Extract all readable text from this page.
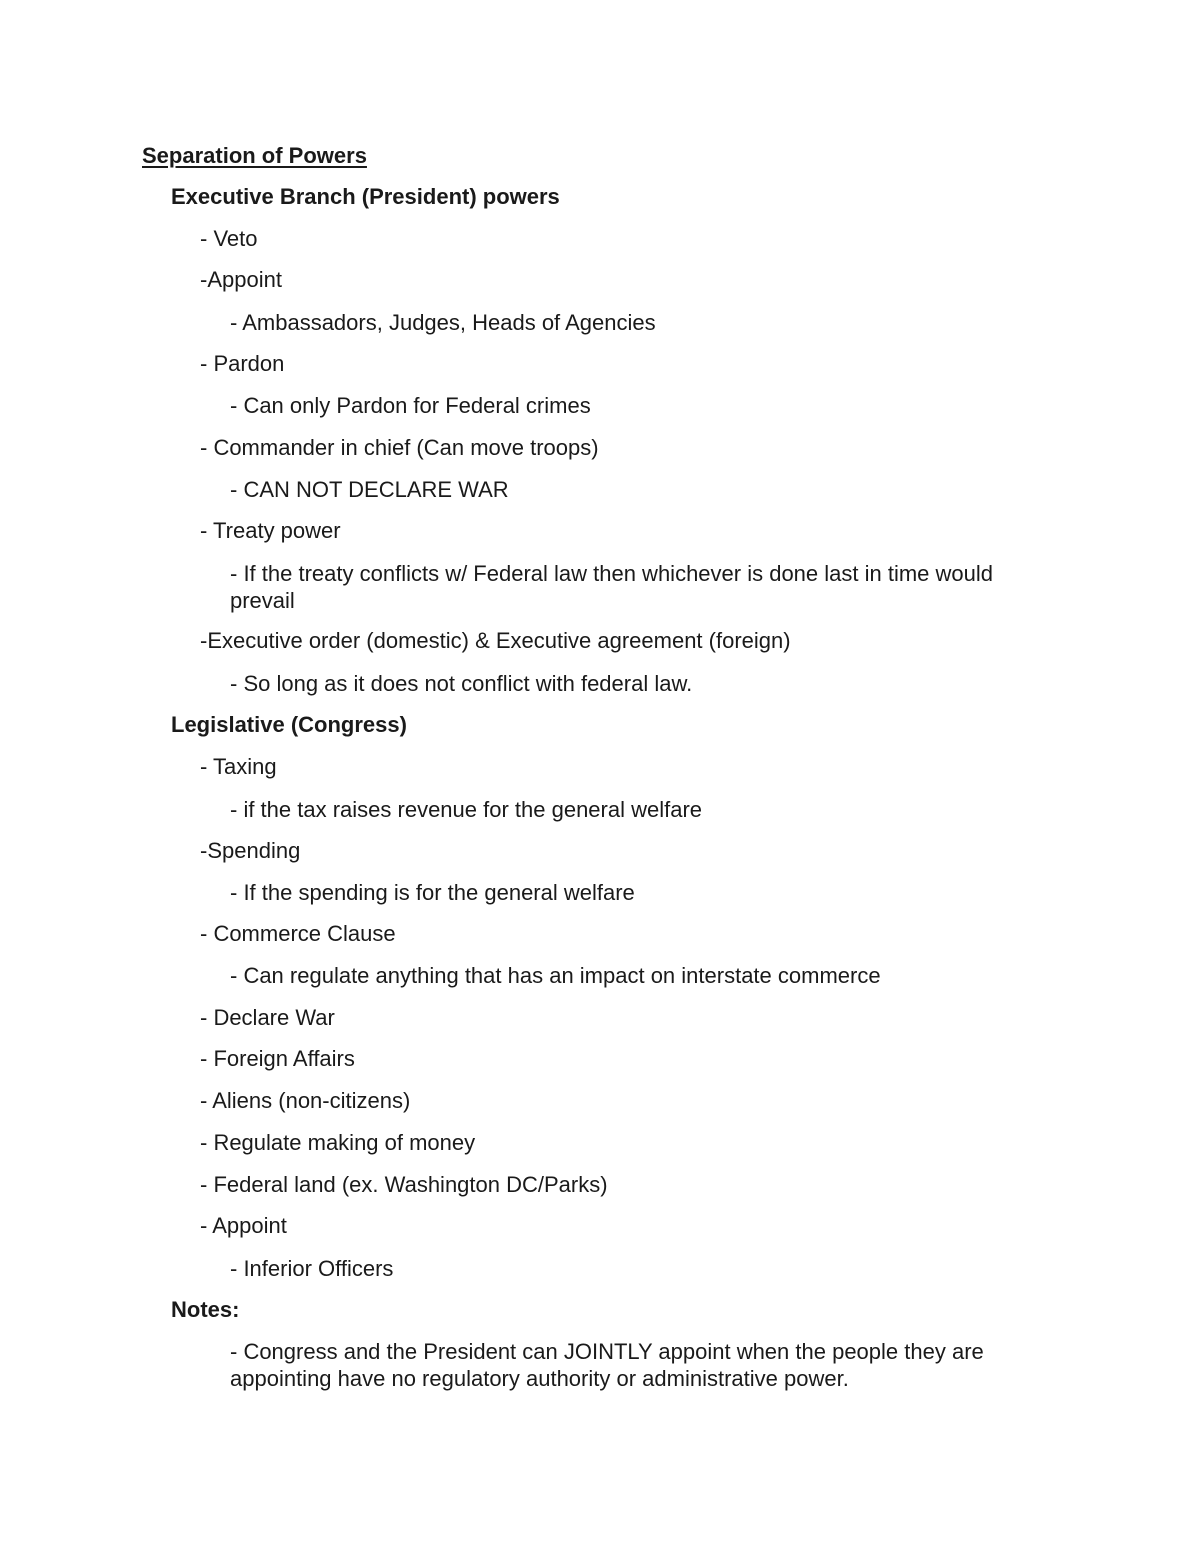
Separation of Powers
Executive Branch (President) powers
- Veto
-Appoint
- Ambassadors, Judges, Heads of Agencies
- Pardon
- Can only Pardon for Federal crimes
- Commander in chief (Can move troops)
- CAN NOT DECLARE WAR
- Treaty power
- If the treaty conflicts w/ Federal law then whichever is done last in time would prevail
-Executive order (domestic) & Executive agreement (foreign)
- So long as it does not conflict with federal law.
Legislative (Congress)
- Taxing
- if the tax raises revenue for the general welfare
-Spending
- If the spending is for the general welfare
- Commerce Clause
- Can regulate anything that has an impact on interstate commerce
- Declare War
- Foreign Affairs
- Aliens (non-citizens)
- Regulate making of money
- Federal land (ex. Washington DC/Parks)
- Appoint
- Inferior Officers
Notes:
- Congress and the President can JOINTLY appoint when the people they are appointing have no regulatory authority or administrative power.
